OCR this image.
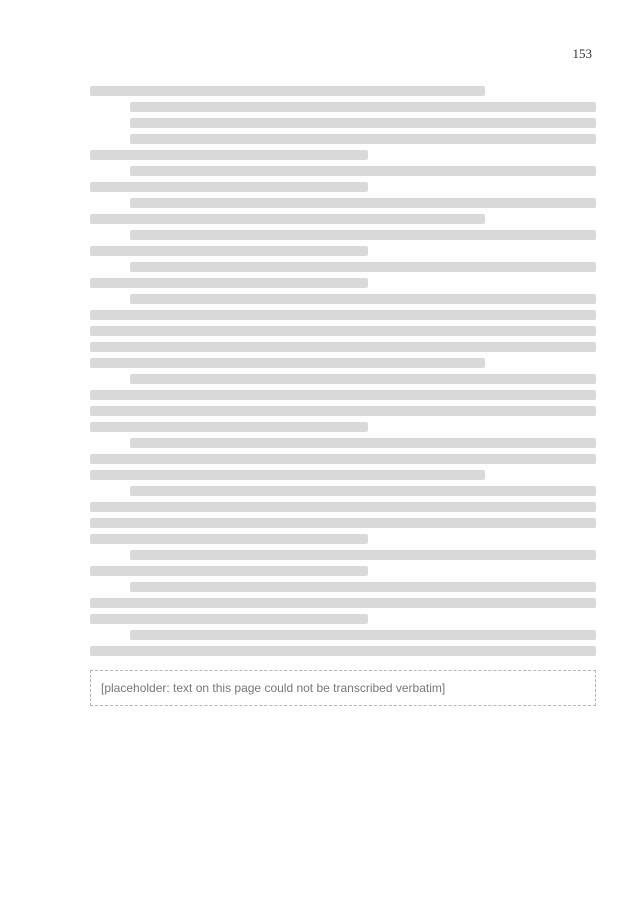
153
[placeholder: text on this page could not be transcribed verbatim]
